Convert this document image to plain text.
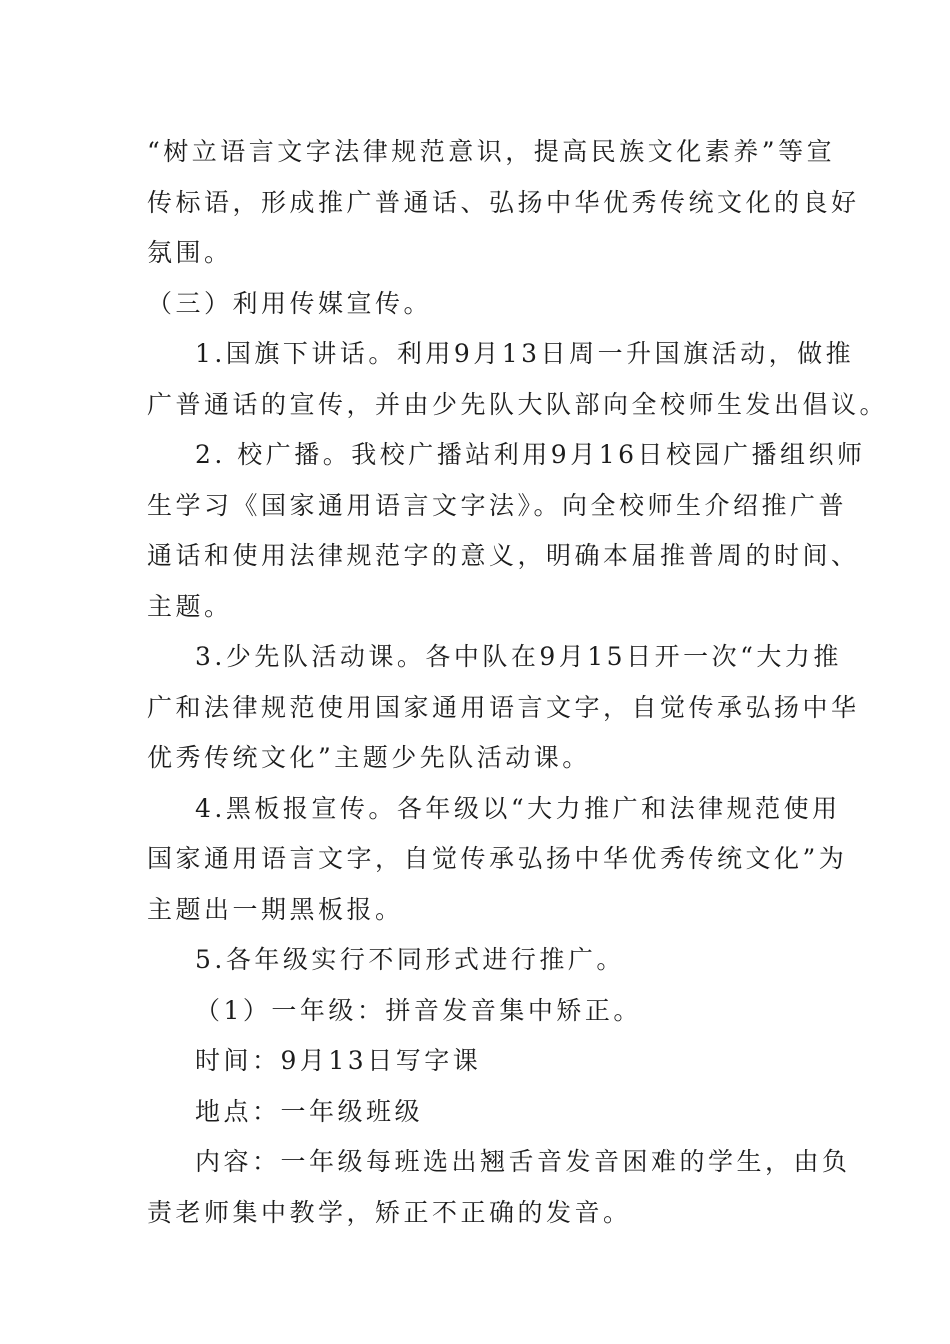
“树立语言文字法律规范意识，提高民族文化素养”等宣
传标语，形成推广普通话、弘扬中华优秀传统文化的良好
氛围。
（三）利用传媒宣传。
1.国旗下讲话。利用9月13日周一升国旗活动，做推
广普通话的宣传，并由少先队大队部向全校师生发出倡议。
2. 校广播。我校广播站利用9月16日校园广播组织师
生学习《国家通用语言文字法》。向全校师生介绍推广普
通话和使用法律规范字的意义，明确本届推普周的时间、
主题。
3.少先队活动课。各中队在9月15日开一次“大力推
广和法律规范使用国家通用语言文字，自觉传承弘扬中华
优秀传统文化”主题少先队活动课。
4.黑板报宣传。各年级以“大力推广和法律规范使用
国家通用语言文字，自觉传承弘扬中华优秀传统文化”为
主题出一期黑板报。
5.各年级实行不同形式进行推广。
（1）一年级：拼音发音集中矫正。
时间：9月13日写字课
地点：一年级班级
内容：一年级每班选出翘舌音发音困难的学生，由负
责老师集中教学，矫正不正确的发音。
